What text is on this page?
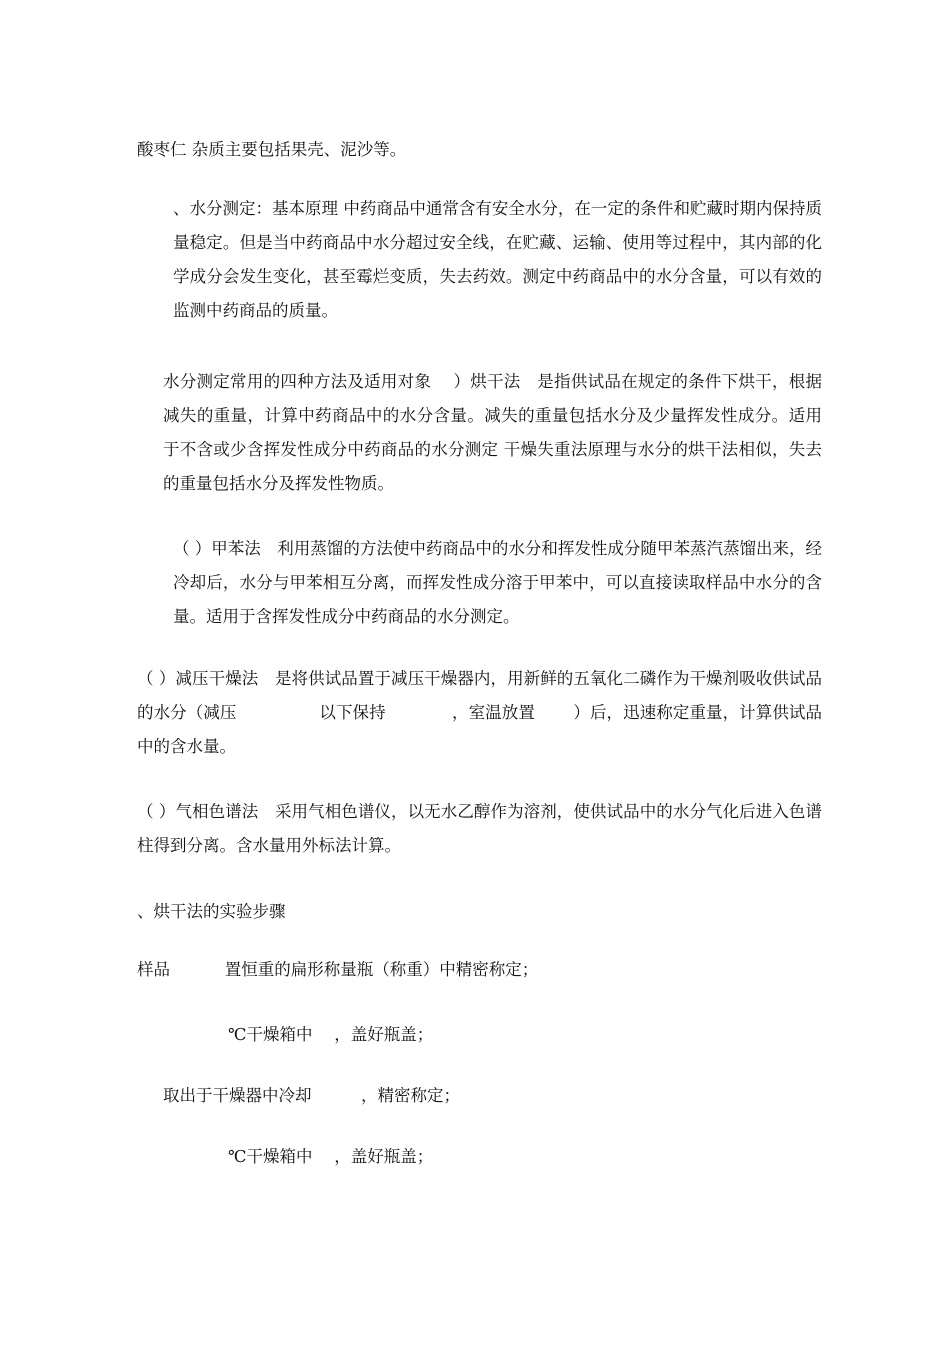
酸枣仁 杂质主要包括果壳、泥沙等。

、水分测定：基本原理 中药商品中通常含有安全水分，在一定的条件和贮藏时期内保持质量稳定。但是当中药商品中水分超过安全线，在贮藏、运输、使用等过程中，其内部的化学成分会发生变化，甚至霉烂变质，失去药效。测定中药商品中的水分含量，可以有效的监测中药商品的质量。

水分测定常用的四种方法及适用对象　 ）烘干法　是指供试品在规定的条件下烘干，根据减失的重量，计算中药商品中的水分含量。减失的重量包括水分及少量挥发性成分。适用于不含或少含挥发性成分中药商品的水分测定 干燥失重法原理与水分的烘干法相似，失去的重量包括水分及挥发性物质。

（ ）甲苯法　利用蒸馏的方法使中药商品中的水分和挥发性成分随甲苯蒸汽蒸馏出来，经冷却后，水分与甲苯相互分离，而挥发性成分溶于甲苯中，可以直接读取样品中水分的含量。适用于含挥发性成分中药商品的水分测定。

（ ）减压干燥法　是将供试品置于减压干燥器内，用新鲜的五氧化二磷作为干燥剂吸收供试品的水分（减压　　　　　以下保持　　　　，室温放置　　 ）后，迅速称定重量，计算供试品中的含水量。

（ ）气相色谱法　采用气相色谱仪，以无水乙醇作为溶剂，使供试品中的水分气化后进入色谱柱得到分离。含水量用外标法计算。

、烘干法的实验步骤

样品　　　 置恒重的扁形称量瓶（称重）中精密称定；

℃干燥箱中　 ，盖好瓶盖；

取出于干燥器中冷却　　　，精密称定；

℃干燥箱中　 ，盖好瓶盖；
